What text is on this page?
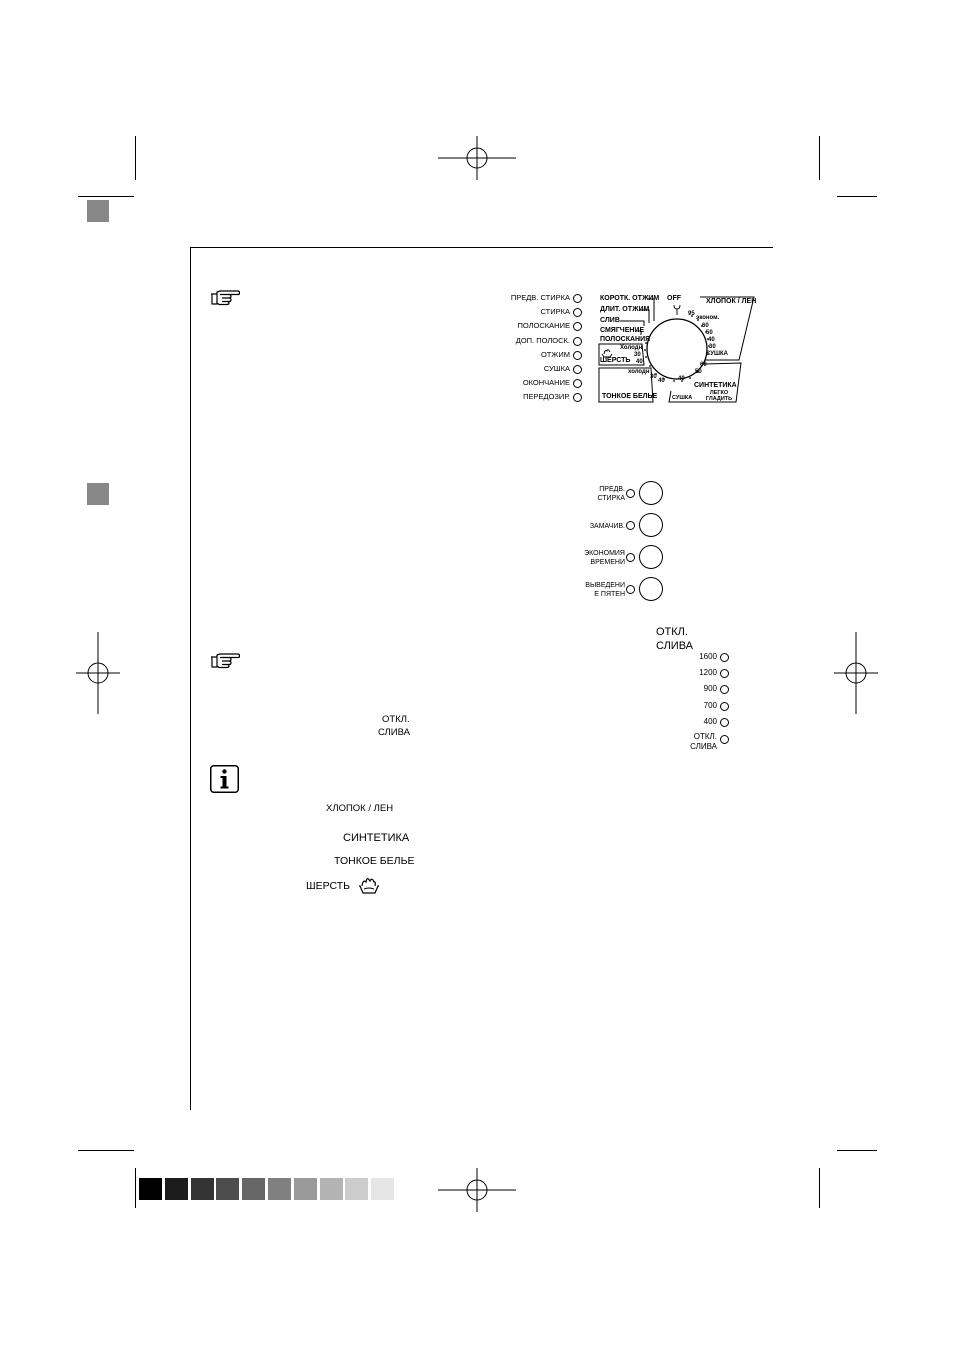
ПРЕДВ. СТИРКА
СТИРКА
ПОЛОСКАНИЕ
ДОП. ПОЛОСК.
ОТЖИМ
СУШКА
ОКОНЧАНИЕ
ПЕРЕДОЗИР.
КОРОТК. ОТЖИМ
ДЛИТ. ОТЖИМ
СЛИВ
СМЯГЧЕНИЕ
ПОЛОСКАНИЯ
OFF	ХЛОПОК / ЛЕН
95
эконом.
60
50
40
30
СУШКА
ШЕРСТЬ
Холодн
30
40
ТОНКОЕ БЕЛЬЕ
холодн
30
40
СИНТЕТИКА
40
50
60
СУШКА
ЛЕГКО ГЛАДИТЬ
ПРЕДВ.
СТИРКА
ЗАМАЧИВ.
ЭКОНОМИЯ
ВРЕМЕНИ
ВЫВЕДЕНИ
Е ПЯТЕН
ОТКЛ.
СЛИВА
1600
1200
900
700
400
ОТКЛ.
СЛИВА
ОТКЛ.
СЛИВА
ХЛОПОК / ЛЕН
СИНТЕТИКА
ТОНКОЕ БЕЛЬЕ
ШЕРСТЬ
